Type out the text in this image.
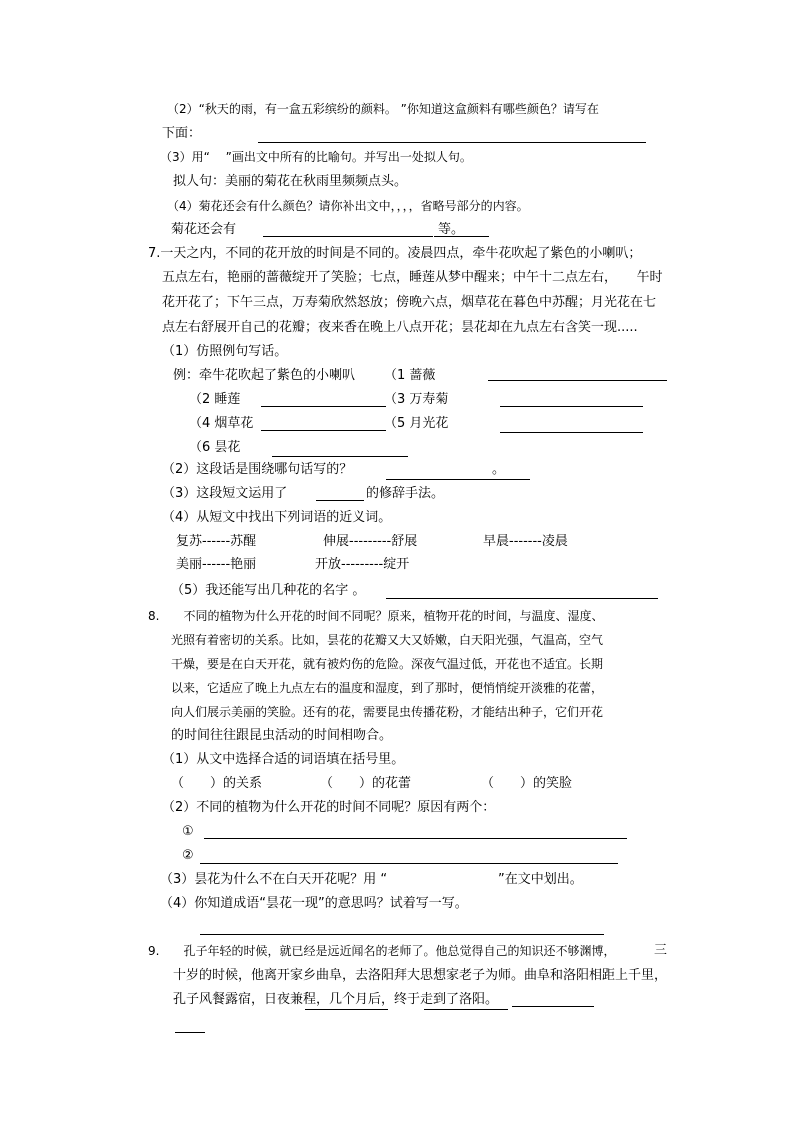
（2）“秋天的雨，有一盒五彩缤纷的颜料。 ”你知道这盒颜料有哪些颜色？请写在
下面：
（3）用“　 ”画出文中所有的比喻句。并写出一处拟人句。
拟人句：美丽的菊花在秋雨里频频点头。
（4）菊花还会有什么颜色？请你补出文中，，，，省略号部分的内容。
菊花还会有	等。
7.一天之内，不同的花开放的时间是不同的。凌晨四点，牵牛花吹起了紫色的小喇叭；
五点左右，艳丽的蔷薇绽开了笑脸；七点，睡莲从梦中醒来；中午十二点左右，　　午时
花开花了；下午三点，万寿菊欣然怒放；傍晚六点，烟草花在暮色中苏醒；月光花在七
点左右舒展开自己的花瓣；夜来香在晚上八点开花；昙花却在九点左右含笑一现.....
（1）仿照例句写话。
例：牵牛花吹起了紫色的小喇叭 （1 蔷薇
（2 睡莲	（3 万寿菊
（4 烟草花	（5 月光花
（6 昙花
（2）这段话是围绕哪句话写的？	。
（3）这段短文运用了	的修辞手法。
（4）从短文中找出下列词语的近义词。
复苏------苏醒	伸展---------舒展	早晨-------凌晨
美丽------艳丽	开放---------绽开
（5）我还能写出几种花的名字 。
8.　　不同的植物为什么开花的时间不同呢？原来，植物开花的时间，与温度、湿度、
光照有着密切的关系。比如，昙花的花瓣又大又娇嫩，白天阳光强，气温高，空气
干燥，要是在白天开花，就有被灼伤的危险。深夜气温过低，开花也不适宜。长期
以来，它适应了晚上九点左右的温度和湿度，到了那时，便悄悄绽开淡雅的花蕾，
向人们展示美丽的笑脸。还有的花，需要昆虫传播花粉，才能结出种子，它们开花
的时间往往跟昆虫活动的时间相吻合。
（1）从文中选择合适的词语填在括号里。
（　　）的关系	（　　）的花蕾	（　　）的笑脸
（2）不同的植物为什么开花的时间不同呢？原因有两个：
①
②
（3）昙花为什么不在白天开花呢？用 “	”在文中划出。
（4）你知道成语“昙花一现”的意思吗？试着写一写。
9.　　孔子年轻的时候，就已经是远近闻名的老师了。他总觉得自己的知识还不够渊博，	三
十岁的时候，他离开家乡曲阜，去洛阳拜大思想家老子为师。曲阜和洛阳相距上千里，
孔子风餐露宿，日夜兼程，几个月后，终于走到了洛阳。
